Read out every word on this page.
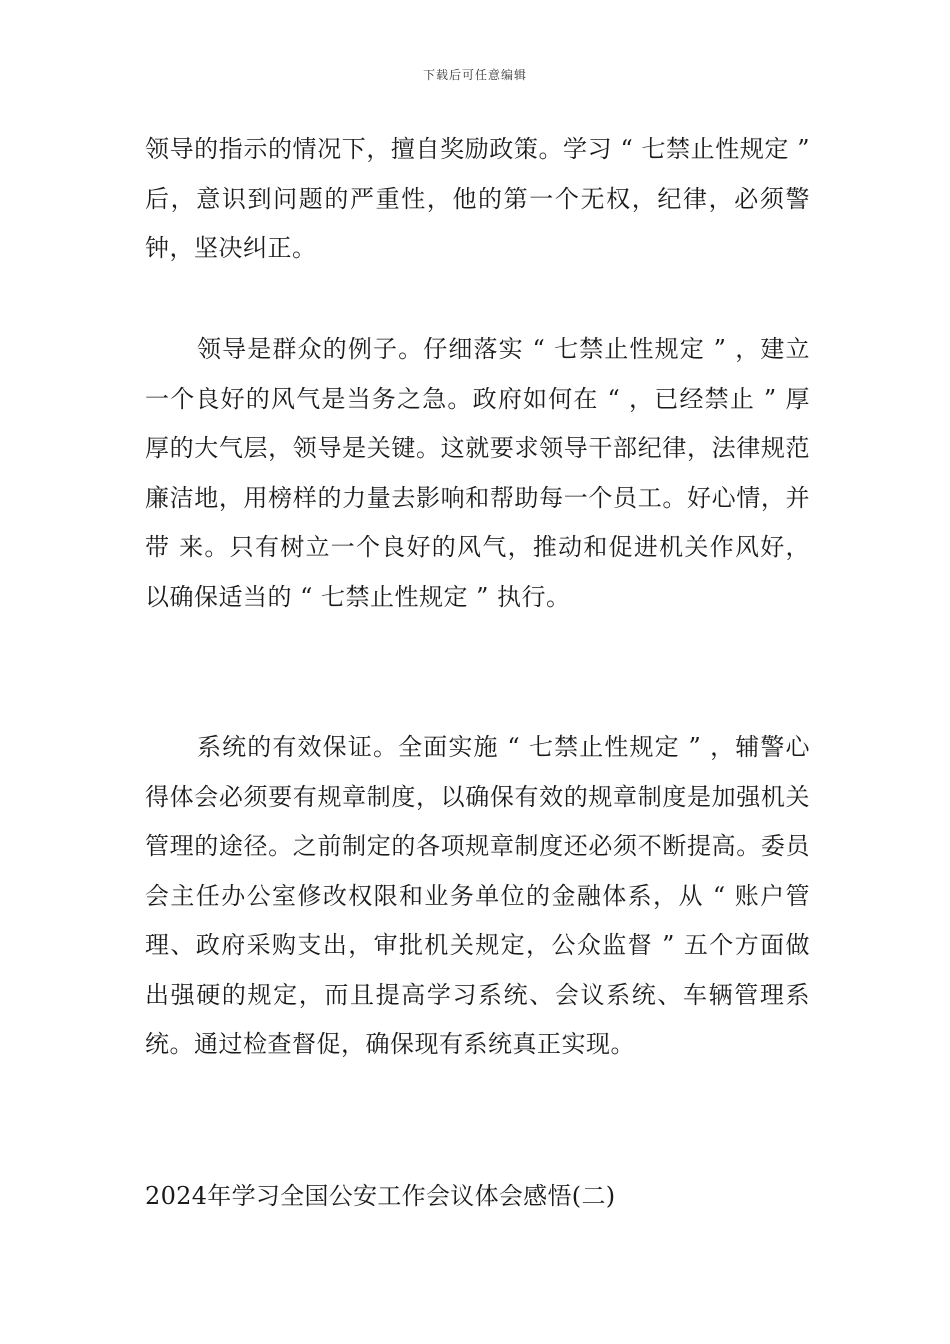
下载后可任意编辑

领导的指示的情况下，擅自奖励政策。学习 “ 七禁止性规定 ” 后，意识到问题的严重性，他的第一个无权，纪律，必须警钟，坚决纠正。

领导是群众的例子。仔细落实 “ 七禁止性规定 ” ，建立一个良好的风气是当务之急。政府如何在 “ ，已经禁止 ” 厚厚的大气层，领导是关键。这就要求领导干部纪律，法律规范廉洁地，用榜样的力量去影响和帮助每一个员工。好心情，并带 来。只有树立一个良好的风气，推动和促进机关作风好，以确保适当的 “ 七禁止性规定 ” 执行。

系统的有效保证。全面实施 “ 七禁止性规定 ” ，辅警心得体会必须要有规章制度，以确保有效的规章制度是加强机关管理的途径。之前制定的各项规章制度还必须不断提高。委员会主任办公室修改权限和业务单位的金融体系，从 “ 账户管理、政府采购支出，审批机关规定，公众监督 ” 五个方面做出强硬的规定，而且提高学习系统、会议系统、车辆管理系统。通过检查督促，确保现有系统真正实现。

2024年学习全国公安工作会议体会感悟(二)
